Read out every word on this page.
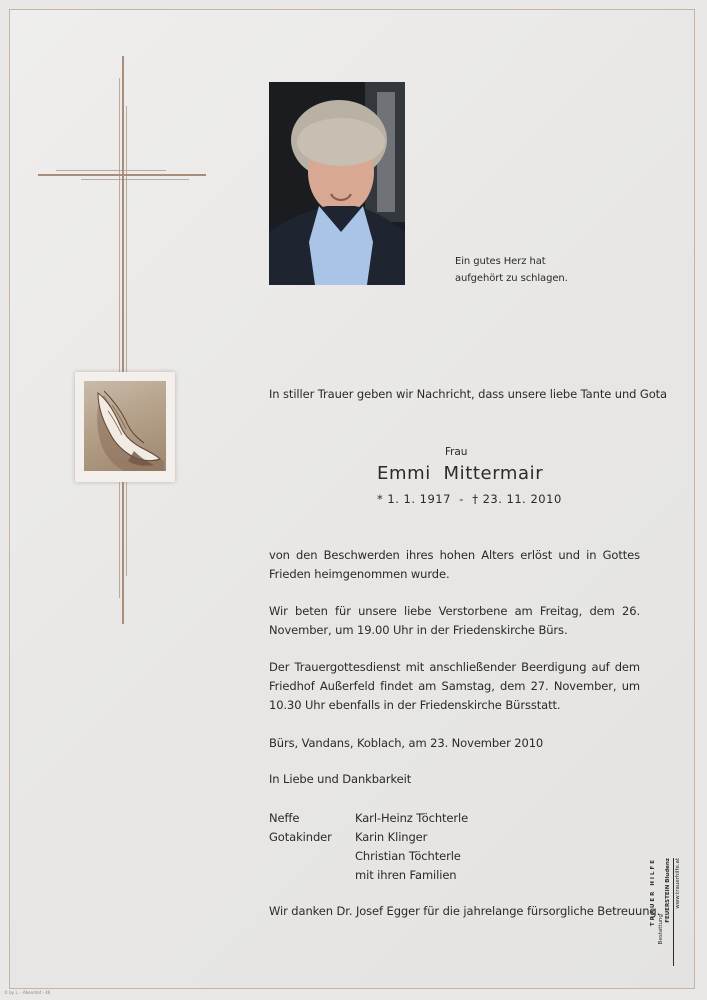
Ein gutes Herz hat
aufgehört zu schlagen.
In stiller Trauer geben wir Nachricht, dass unsere liebe Tante und Gota
Frau
Emmi  Mittermair
* 1. 1. 1917  -  † 23. 11. 2010
von den Beschwerden ihres hohen Alters erlöst und in Gottes Frieden heimgenommen wurde.
Wir beten für unsere liebe Verstorbene am Freitag, dem 26. November, um 19.00 Uhr in der Friedenskirche Bürs.
Der Trauergottesdienst mit anschließender Beerdigung auf dem Friedhof Außerfeld findet am Samstag, dem 27. November, um 10.30 Uhr ebenfalls in der Friedenskirche Bürsstatt.
Bürs, Vandans, Koblach, am 23. November 2010
In Liebe und Dankbarkeit
Neffe	Karl-Heinz Töchterle
Gotakinder	Karin Klinger
Christian Töchterle
mit ihren Familien
Wir danken Dr. Josef Egger für die jahrelange fürsorgliche Betreuung.
TRAUER HILFE
Bestattung
FEUERSTEIN Bludenz www.trauerhilfe.at
© by L. - Abendrot - 46
